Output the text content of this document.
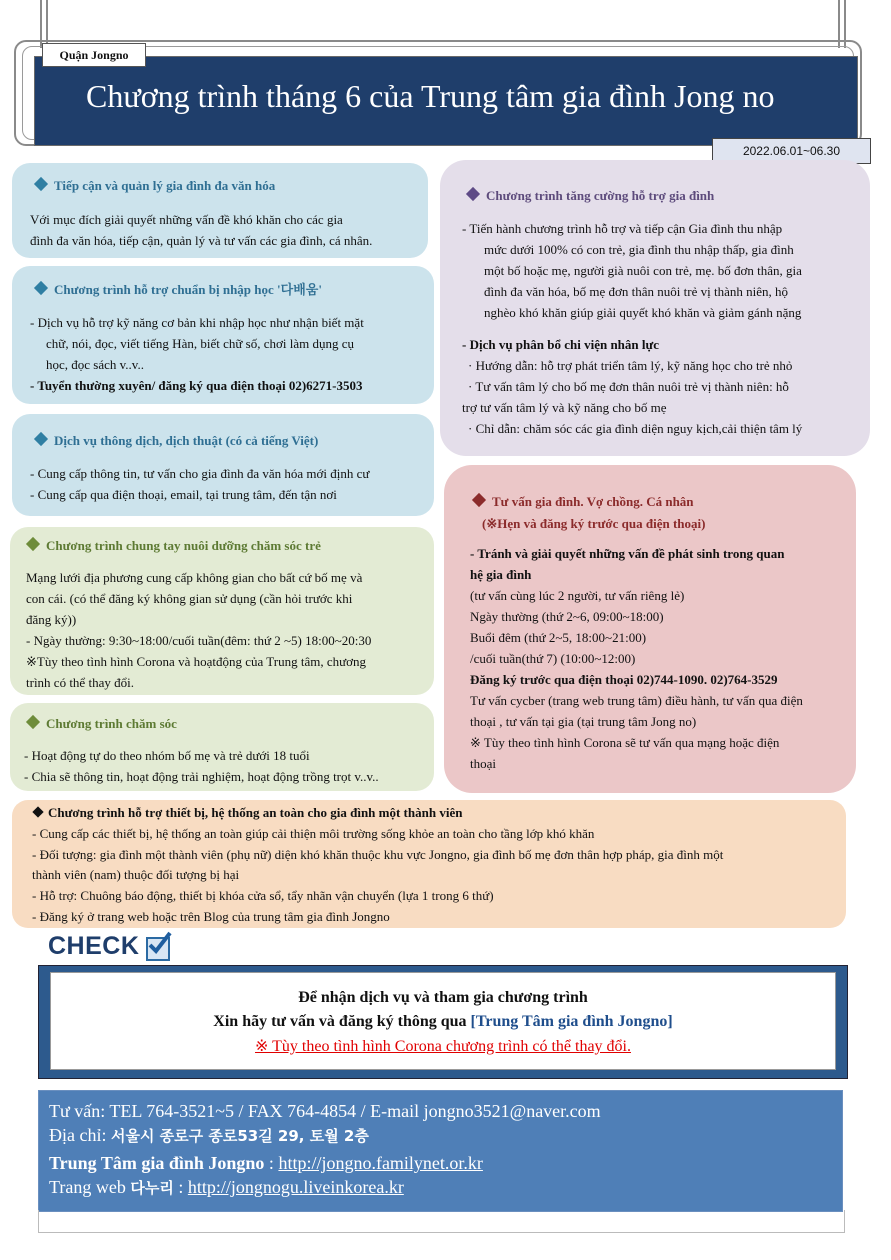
Quận Jongno
Chương trình tháng 6 của Trung tâm gia đình Jong no
2022.06.01~06.30
Tiếp cận và quản lý gia đình đa văn hóa
Với mục đích giải quyết những vấn đề khó khăn cho các gia
đình đa văn hóa, tiếp cận, quản lý và tư vấn các gia đình, cá nhân.
Chương trình hỗ trợ chuẩn bị nhập học '다배움'
- Dịch vụ hỗ trợ kỹ năng cơ bản khi nhập học như nhận biết mặt
chữ, nói, đọc, viết tiếng Hàn, biết chữ số, chơi làm dụng cụ
học, đọc sách v..v..
- Tuyển thường xuyên/ đăng ký qua điện thoại 02)6271-3503
Dịch vụ thông dịch, dịch thuật (có cả tiếng Việt)
- Cung cấp thông tin, tư vấn cho gia đình đa văn hóa mới định cư
- Cung cấp qua điện thoại, email, tại trung tâm, đến tận nơi
Chương trình chung tay nuôi dưỡng chăm sóc trẻ
Mạng lưới địa phương cung cấp không gian cho bất cứ bố mẹ và
con cái. (có thể đăng ký không gian sử dụng (cần hỏi trước khi
đăng ký))
- Ngày thường: 9:30~18:00/cuối tuần(đêm: thứ 2 ~5) 18:00~20:30
※Tùy theo tình hình Corona và hoạtđộng của Trung tâm, chương
trình có thể thay đổi.
Chương trình chăm sóc
- Hoạt động tự do theo nhóm bố mẹ và trẻ dưới 18 tuổi
- Chia sẽ thông tin, hoạt động trải nghiệm, hoạt động trồng trọt v..v..
Chương trình tăng cường hỗ trợ gia đình
- Tiến hành chương trình hỗ trợ và tiếp cận Gia đình thu nhập
mức dưới 100% có con trẻ, gia đình thu nhập thấp, gia đình
một bố hoặc mẹ, người già nuôi con trẻ, mẹ. bố đơn thân, gia
đình đa văn hóa, bố mẹ đơn thân nuôi trẻ vị thành niên, hộ
nghèo khó khăn giúp giải quyết khó khăn và giảm gánh nặng
- Dịch vụ phân bổ chi viện nhân lực
· Hướng dẫn: hỗ trợ phát triển tâm lý, kỹ năng học cho trẻ nhỏ
· Tư vấn tâm lý cho bố mẹ đơn thân nuôi trẻ vị thành niên: hỗ
trợ tư vấn tâm lý và kỹ năng cho bố mẹ
· Chỉ dẫn: chăm sóc các gia đình diện nguy kịch,cải thiện tâm lý
Tư vấn gia đình. Vợ chồng. Cá nhân
(※Hẹn và đăng ký trước qua điện thoại)
- Tránh và giải quyết những vấn đề phát sinh trong quan
hệ gia đình
(tư vấn cùng lúc 2 người, tư vấn riêng lẻ)
Ngày thường (thứ 2~6, 09:00~18:00)
Buổi đêm (thứ 2~5, 18:00~21:00)
/cuối tuần(thứ 7) (10:00~12:00)
Đăng ký trước qua điện thoại 02)744-1090. 02)764-3529
Tư vấn cycber (trang web trung tâm) điều hành, tư vấn qua điện
thoại , tư vấn tại gia (tại trung tâm Jong no)
※ Tùy theo tình hình Corona sẽ tư vấn qua mạng hoặc điện
thoại
Chương trình hỗ trợ thiết bị, hệ thống an toàn cho gia đình một thành viên
- Cung cấp các thiết bị, hệ thống an toàn giúp cải thiện môi trường sống khỏe an toàn cho tầng lớp khó khăn
- Đối tượng: gia đình một thành viên (phụ nữ) diện khó khăn thuộc khu vực Jongno, gia đình bố mẹ đơn thân hợp pháp, gia đình một
thành viên (nam) thuộc đối tượng bị hại
- Hỗ trợ: Chuông báo động, thiết bị khóa cửa sổ, tẩy nhãn vận chuyển (lựa 1 trong 6 thứ)
- Đăng ký ở trang web hoặc trên Blog của trung tâm gia đình Jongno
CHECK
Để nhận dịch vụ và tham gia chương trình
Xin hãy tư vấn và đăng ký thông qua [Trung Tâm gia đình Jongno]
※ Tùy theo tình hình Corona chương trình có thể thay đổi.
Tư vấn: TEL 764-3521~5 / FAX 764-4854 / E-mail jongno3521@naver.com
Địa chỉ: 서울시 종로구 종로53길 29, 토월 2층
Trung Tâm gia đình Jongno : http://jongno.familynet.or.kr
Trang web 다누리 : http://jongnogu.liveinkorea.kr
